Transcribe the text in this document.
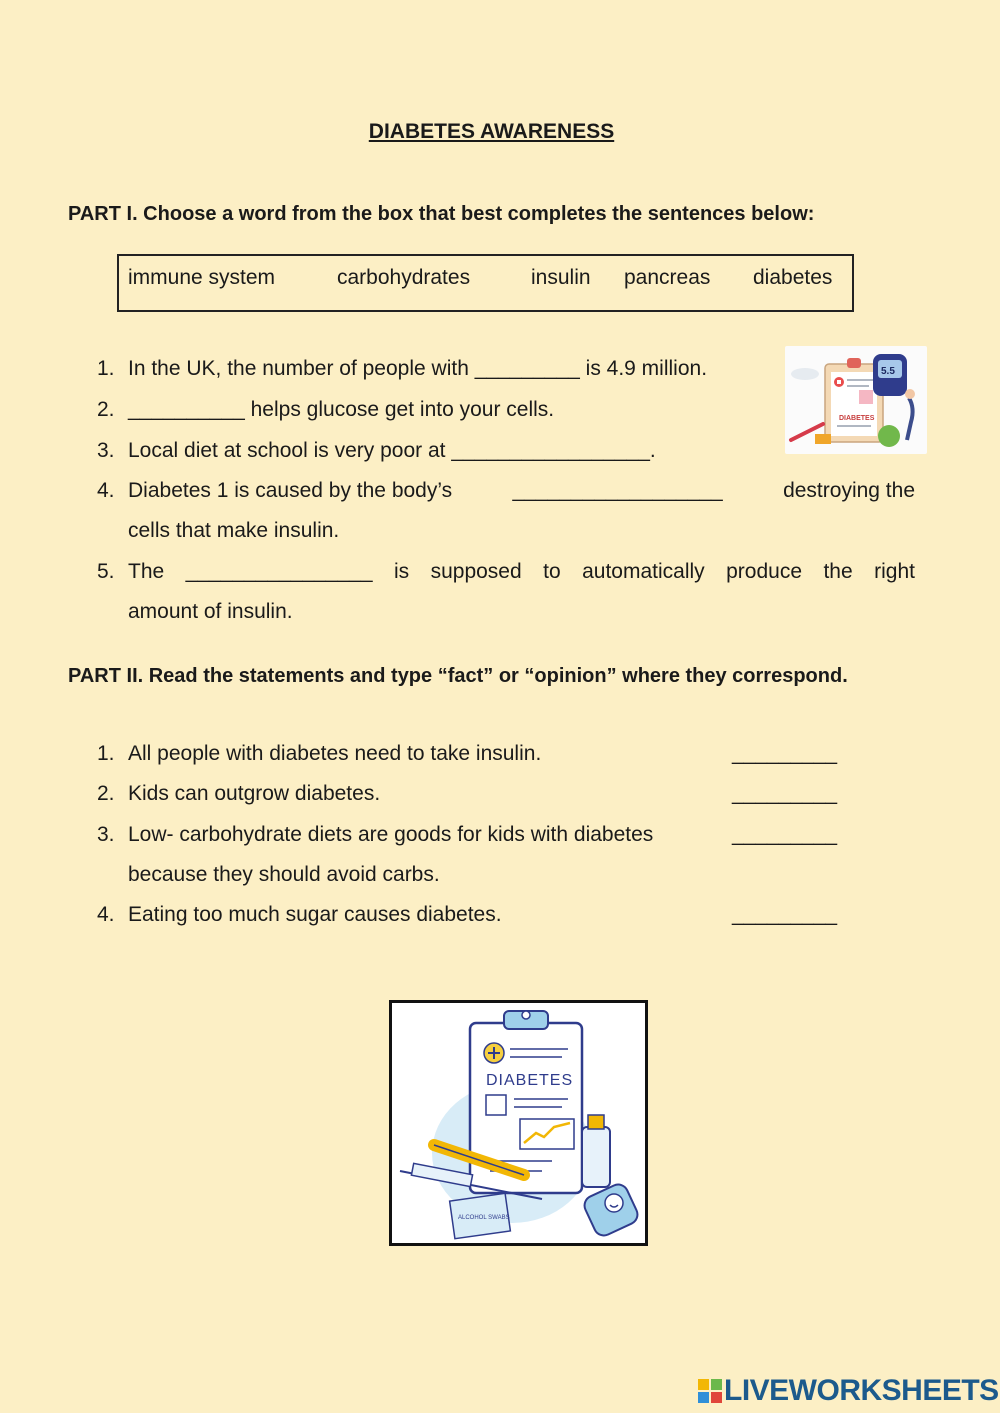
DIABETES AWARENESS
PART I. Choose a word from the box that best completes the sentences below:
immune system	carbohydrates	insulin pancreas diabetes
1. In the UK, the number of people with _________ is 4.9 million.
2. __________ helps glucose get into your cells.
3. Local diet at school is very poor at _________________.
4. Diabetes 1 is caused by the body’s	__________________	destroying the
cells that make insulin.
5. The ________________ is supposed to automatically produce the right
amount of insulin.
DIABETES
5.5
PART II. Read the statements and type “fact” or “opinion” where they correspond.
1. All people with diabetes need to take insulin.	_________
2. Kids can outgrow diabetes.	_________
3. Low- carbohydrate diets are goods for kids with diabetes	_________
because they should avoid carbs.
4. Eating too much sugar causes diabetes.	_________
DIABETES
ALCOHOL SWABS
LIVEWORKSHEETS
